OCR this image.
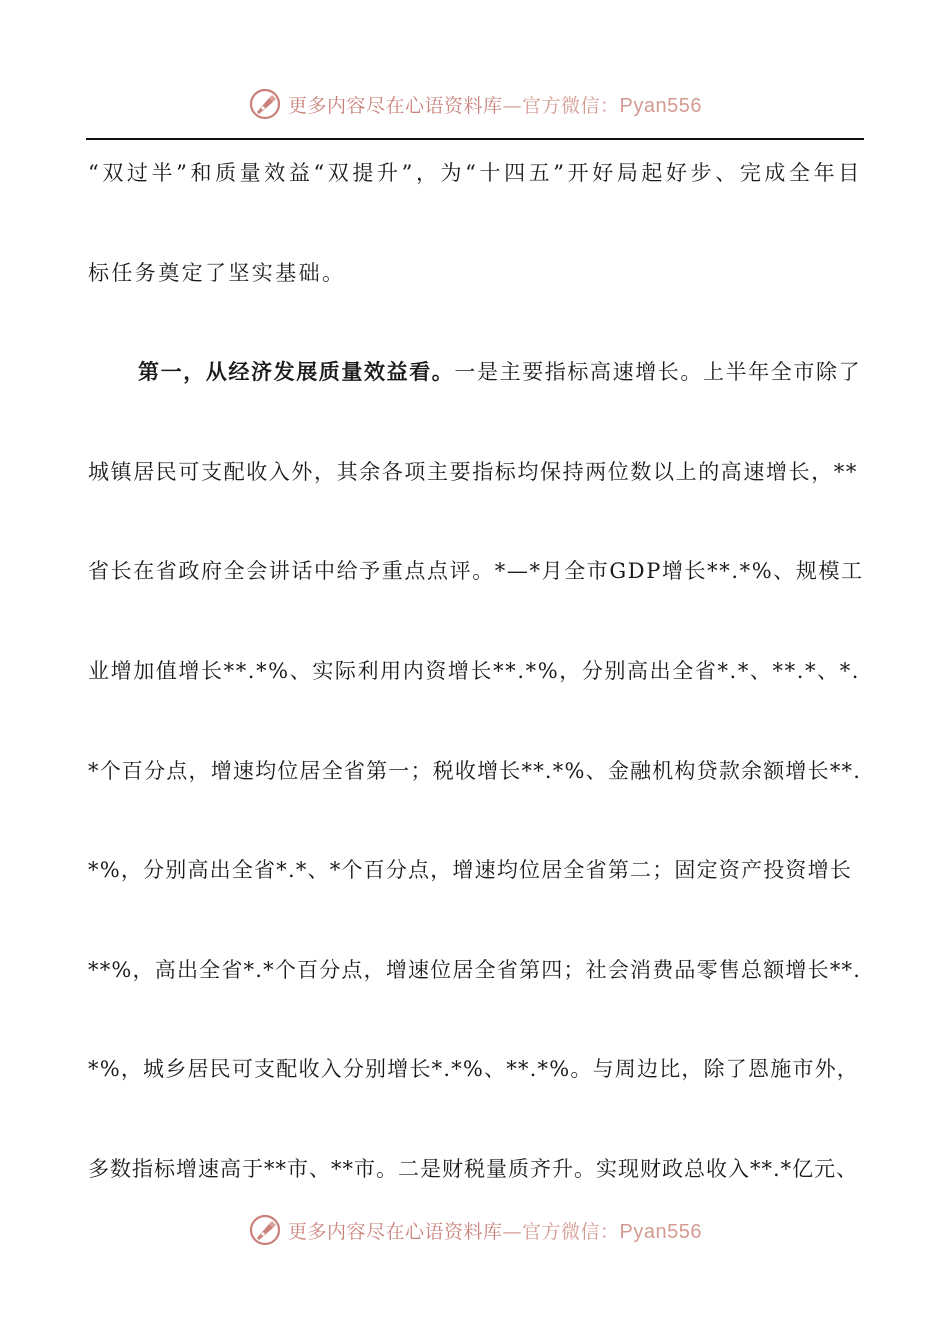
更多内容尽在心语资料库—官方微信：Pyan556
“双过半”和质量效益“双提升”，为“十四五”开好局起好步、完成全年目
标任务奠定了坚实基础。
第一，从经济发展质量效益看。一是主要指标高速增长。上半年全市除了
城镇居民可支配收入外，其余各项主要指标均保持两位数以上的高速增长，**
省长在省政府全会讲话中给予重点点评。*—*月全市GDP增长**.*%、规模工
业增加值增长**.*%、实际利用内资增长**.*%，分别高出全省*.*、**.*、*.
*个百分点，增速均位居全省第一；税收增长**.*%、金融机构贷款余额增长**.
*%，分别高出全省*.*、*个百分点，增速均位居全省第二；固定资产投资增长
**%，高出全省*.*个百分点，增速位居全省第四；社会消费品零售总额增长**.
*%，城乡居民可支配收入分别增长*.*%、**.*%。与周边比，除了恩施市外，
多数指标增速高于**市、**市。二是财税量质齐升。实现财政总收入**.*亿元、
更多内容尽在心语资料库—官方微信：Pyan556
